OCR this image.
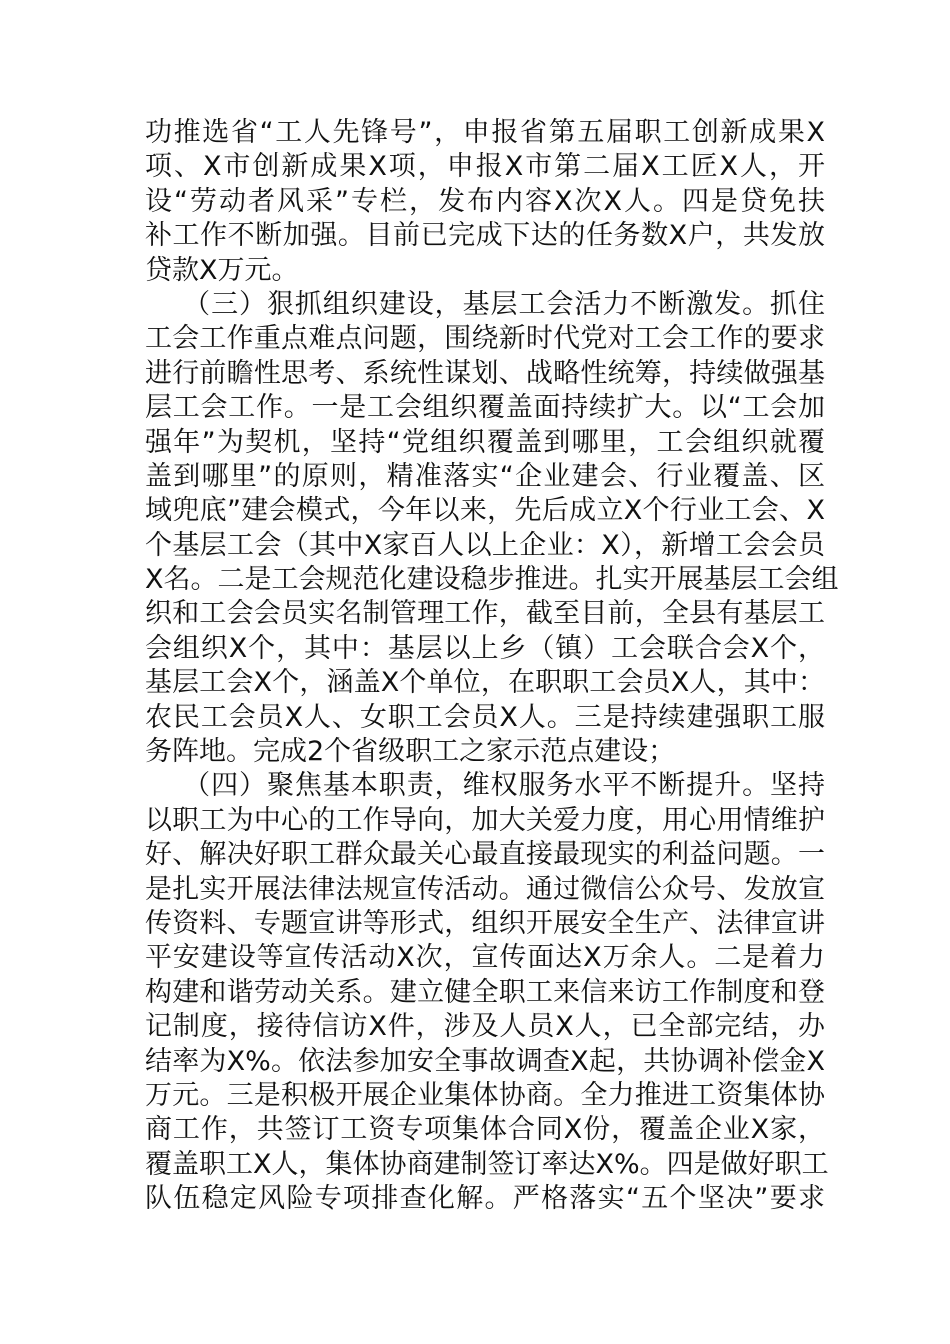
功推选省“工人先锋号”，申报省第五届职工创新成果X
项、X市创新成果X项，申报X市第二届X工匠X人，开
设“劳动者风采”专栏，发布内容X次X人。四是贷免扶
补工作不断加强。目前已完成下达的任务数X户，共发放
贷款X万元。
（三）狠抓组织建设，基层工会活力不断激发。抓住
工会工作重点难点问题，围绕新时代党对工会工作的要求
进行前瞻性思考、系统性谋划、战略性统筹，持续做强基
层工会工作。一是工会组织覆盖面持续扩大。以“工会加
强年”为契机，坚持“党组织覆盖到哪里，工会组织就覆
盖到哪里”的原则，精准落实“企业建会、行业覆盖、区
域兜底”建会模式，今年以来，先后成立X个行业工会、X
个基层工会（其中X家百人以上企业：X），新增工会会员
X名。二是工会规范化建设稳步推进。扎实开展基层工会组
织和工会会员实名制管理工作，截至目前，全县有基层工
会组织X个，其中：基层以上乡（镇）工会联合会X个，
基层工会X个，涵盖X个单位，在职职工会员X人，其中：
农民工会员X人、女职工会员X人。三是持续建强职工服
务阵地。完成2个省级职工之家示范点建设；
（四）聚焦基本职责，维权服务水平不断提升。坚持
以职工为中心的工作导向，加大关爱力度，用心用情维护
好、解决好职工群众最关心最直接最现实的利益问题。一
是扎实开展法律法规宣传活动。通过微信公众号、发放宣
传资料、专题宣讲等形式，组织开展安全生产、法律宣讲
平安建设等宣传活动X次，宣传面达X万余人。二是着力
构建和谐劳动关系。建立健全职工来信来访工作制度和登
记制度，接待信访X件，涉及人员X人，已全部完结，办
结率为X%。依法参加安全事故调查X起，共协调补偿金X
万元。三是积极开展企业集体协商。全力推进工资集体协
商工作，共签订工资专项集体合同X份，覆盖企业X家，
覆盖职工X人，集体协商建制签订率达X%。四是做好职工
队伍稳定风险专项排查化解。严格落实“五个坚决”要求
